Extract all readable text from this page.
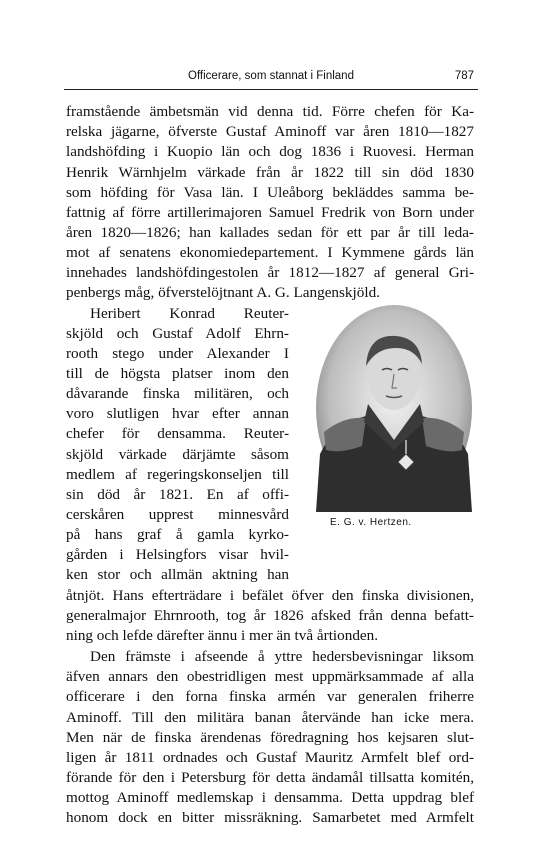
Officerare, som stannat i Finland	787
framstående ämbetsmän vid denna tid. Förre chefen för Ka-
relska jägarne, öfverste Gustaf Aminoff var åren 1810—1827
landshöfding i Kuopio län och dog 1836 i Ruovesi. Herman
Henrik Wärnhjelm värkade från år 1822 till sin död 1830
som höfding för Vasa län. I Uleåborg bekläddes samma be-
fattnig af förre artillerimajoren Samuel Fredrik von Born under
åren 1820—1826; han kallades sedan för ett par år till leda-
mot af senatens ekonomiedepartement. I Kymmene gårds län
innehades landshöfdingestolen år 1812—1827 af general Gri-
penbergs måg, öfverstelöjtnant A. G. Langenskjöld.
Heribert Konrad Reuter-
skjöld och Gustaf Adolf Ehrn-
rooth stego under Alexander I
till de högsta platser inom den
dåvarande finska militären, och
voro slutligen hvar efter annan
chefer för densamma. Reuter-
skjöld värkade därjämte såsom
medlem af regeringskonseljen till
sin död år 1821. En af offi-
cerskåren upprest minnesvård
på hans graf å gamla kyrko-
gården i Helsingfors visar hvil-
ken stor och allmän aktning han
åtnjöt. Hans efterträdare i befälet öfver den finska divisionen,
generalmajor Ehrnrooth, tog år 1826 afsked från denna befatt-
ning och lefde därefter ännu i mer än två årtionden.
Den främste i afseende å yttre hedersbevisningar liksom
äfven annars den obestridligen mest uppmärksammade af alla
officerare i den forna finska armén var generalen friherre
Aminoff. Till den militära banan återvände han icke mera.
Men när de finska ärendenas föredragning hos kejsaren slut-
ligen år 1811 ordnades och Gustaf Mauritz Armfelt blef ord-
förande för den i Petersburg för detta ändamål tillsatta komitén,
mottog Aminoff medlemskap i densamma. Detta uppdrag blef
honom dock en bitter missräkning. Samarbetet med Armfelt
E. G. v. Hertzen.
